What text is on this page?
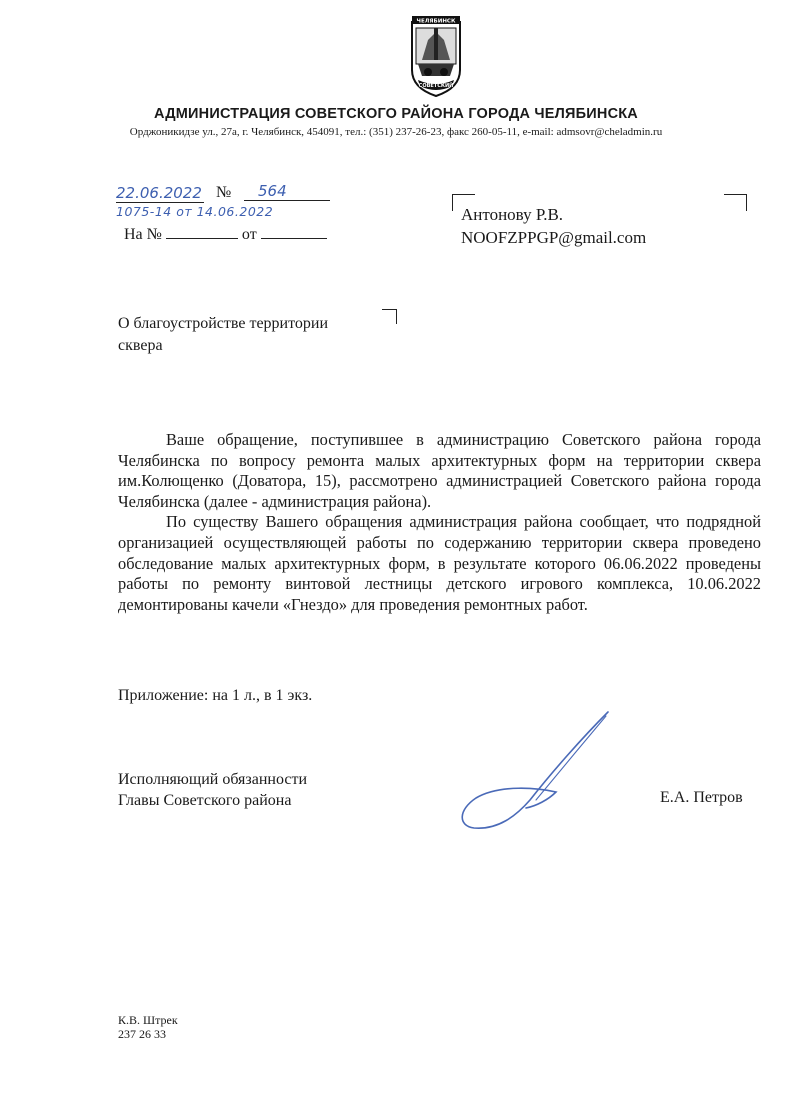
ЧЕЛЯБИНСК
СОВЕТСКИЙ
АДМИНИСТРАЦИЯ СОВЕТСКОГО РАЙОНА ГОРОДА ЧЕЛЯБИНСКА
Орджоникидзе ул., 27а, г. Челябинск, 454091, тел.: (351) 237-26-23, факс 260-05-11, e-mail: admsovr@cheladmin.ru
22.06.2022 №	564
1075-14 от 14.06.2022
На №	от
Антонову Р.В.
NOOFZPPGP@gmail.com
О благоустройстве территории
сквера

Ваше обращение, поступившее в администрацию Советского района города Челябинска по вопросу ремонта малых архитектурных форм на территории сквера им.Колющенко (Доватора, 15), рассмотрено администрацией Советского района города Челябинска (далее - администрация района).

По существу Вашего обращения администрация района сообщает, что подрядной организацией осуществляющей работы по содержанию территории сквера проведено обследование малых архитектурных форм, в результате которого 06.06.2022 проведены работы по ремонту винтовой лестницы детского игрового комплекса, 10.06.2022 демонтированы качели «Гнездо» для проведения ремонтных работ.

Приложение: на 1 л., в 1 экз.
Исполняющий обязанности
Главы Советского района	Е.А. Петров
К.В. Штрек
237 26 33
